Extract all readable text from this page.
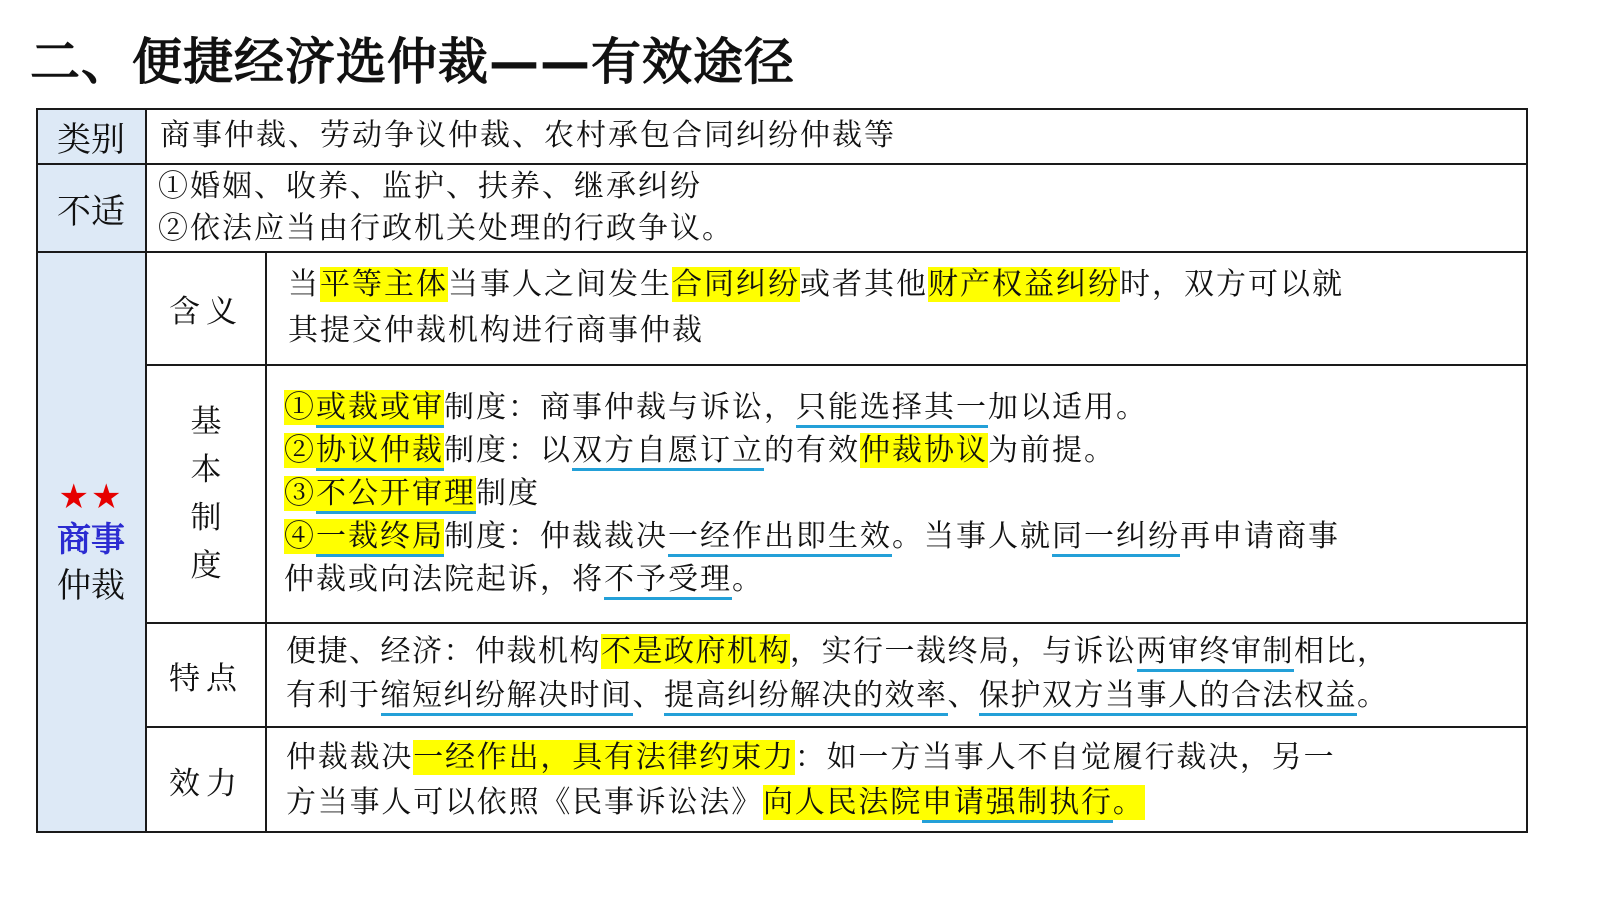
二、便捷经济选仲裁——有效途径
类别	商事仲裁、劳动争议仲裁、农村承包合同纠纷仲裁等
不适
①婚姻、收养、监护、扶养、继承纠纷
②依法应当由行政机关处理的行政争议。
★★
商事
仲裁
含义
当平等主体当事人之间发生合同纠纷或者其他财产权益纠纷时，双方可以就
其提交仲裁机构进行商事仲裁
基
本
制
度
①或裁或审制度：商事仲裁与诉讼，只能选择其一加以适用。
②协议仲裁制度：以双方自愿订立的有效仲裁协议为前提。
③不公开审理制度
④一裁终局制度：仲裁裁决一经作出即生效。当事人就同一纠纷再申请商事
仲裁或向法院起诉，将不予受理。
特点
便捷、经济：仲裁机构不是政府机构，实行一裁终局，与诉讼两审终审制相比，
有利于缩短纠纷解决时间、提高纠纷解决的效率、保护双方当事人的合法权益。
效力
仲裁裁决一经作出，具有法律约束力：如一方当事人不自觉履行裁决，另一
方当事人可以依照《民事诉讼法》向人民法院申请强制执行。
